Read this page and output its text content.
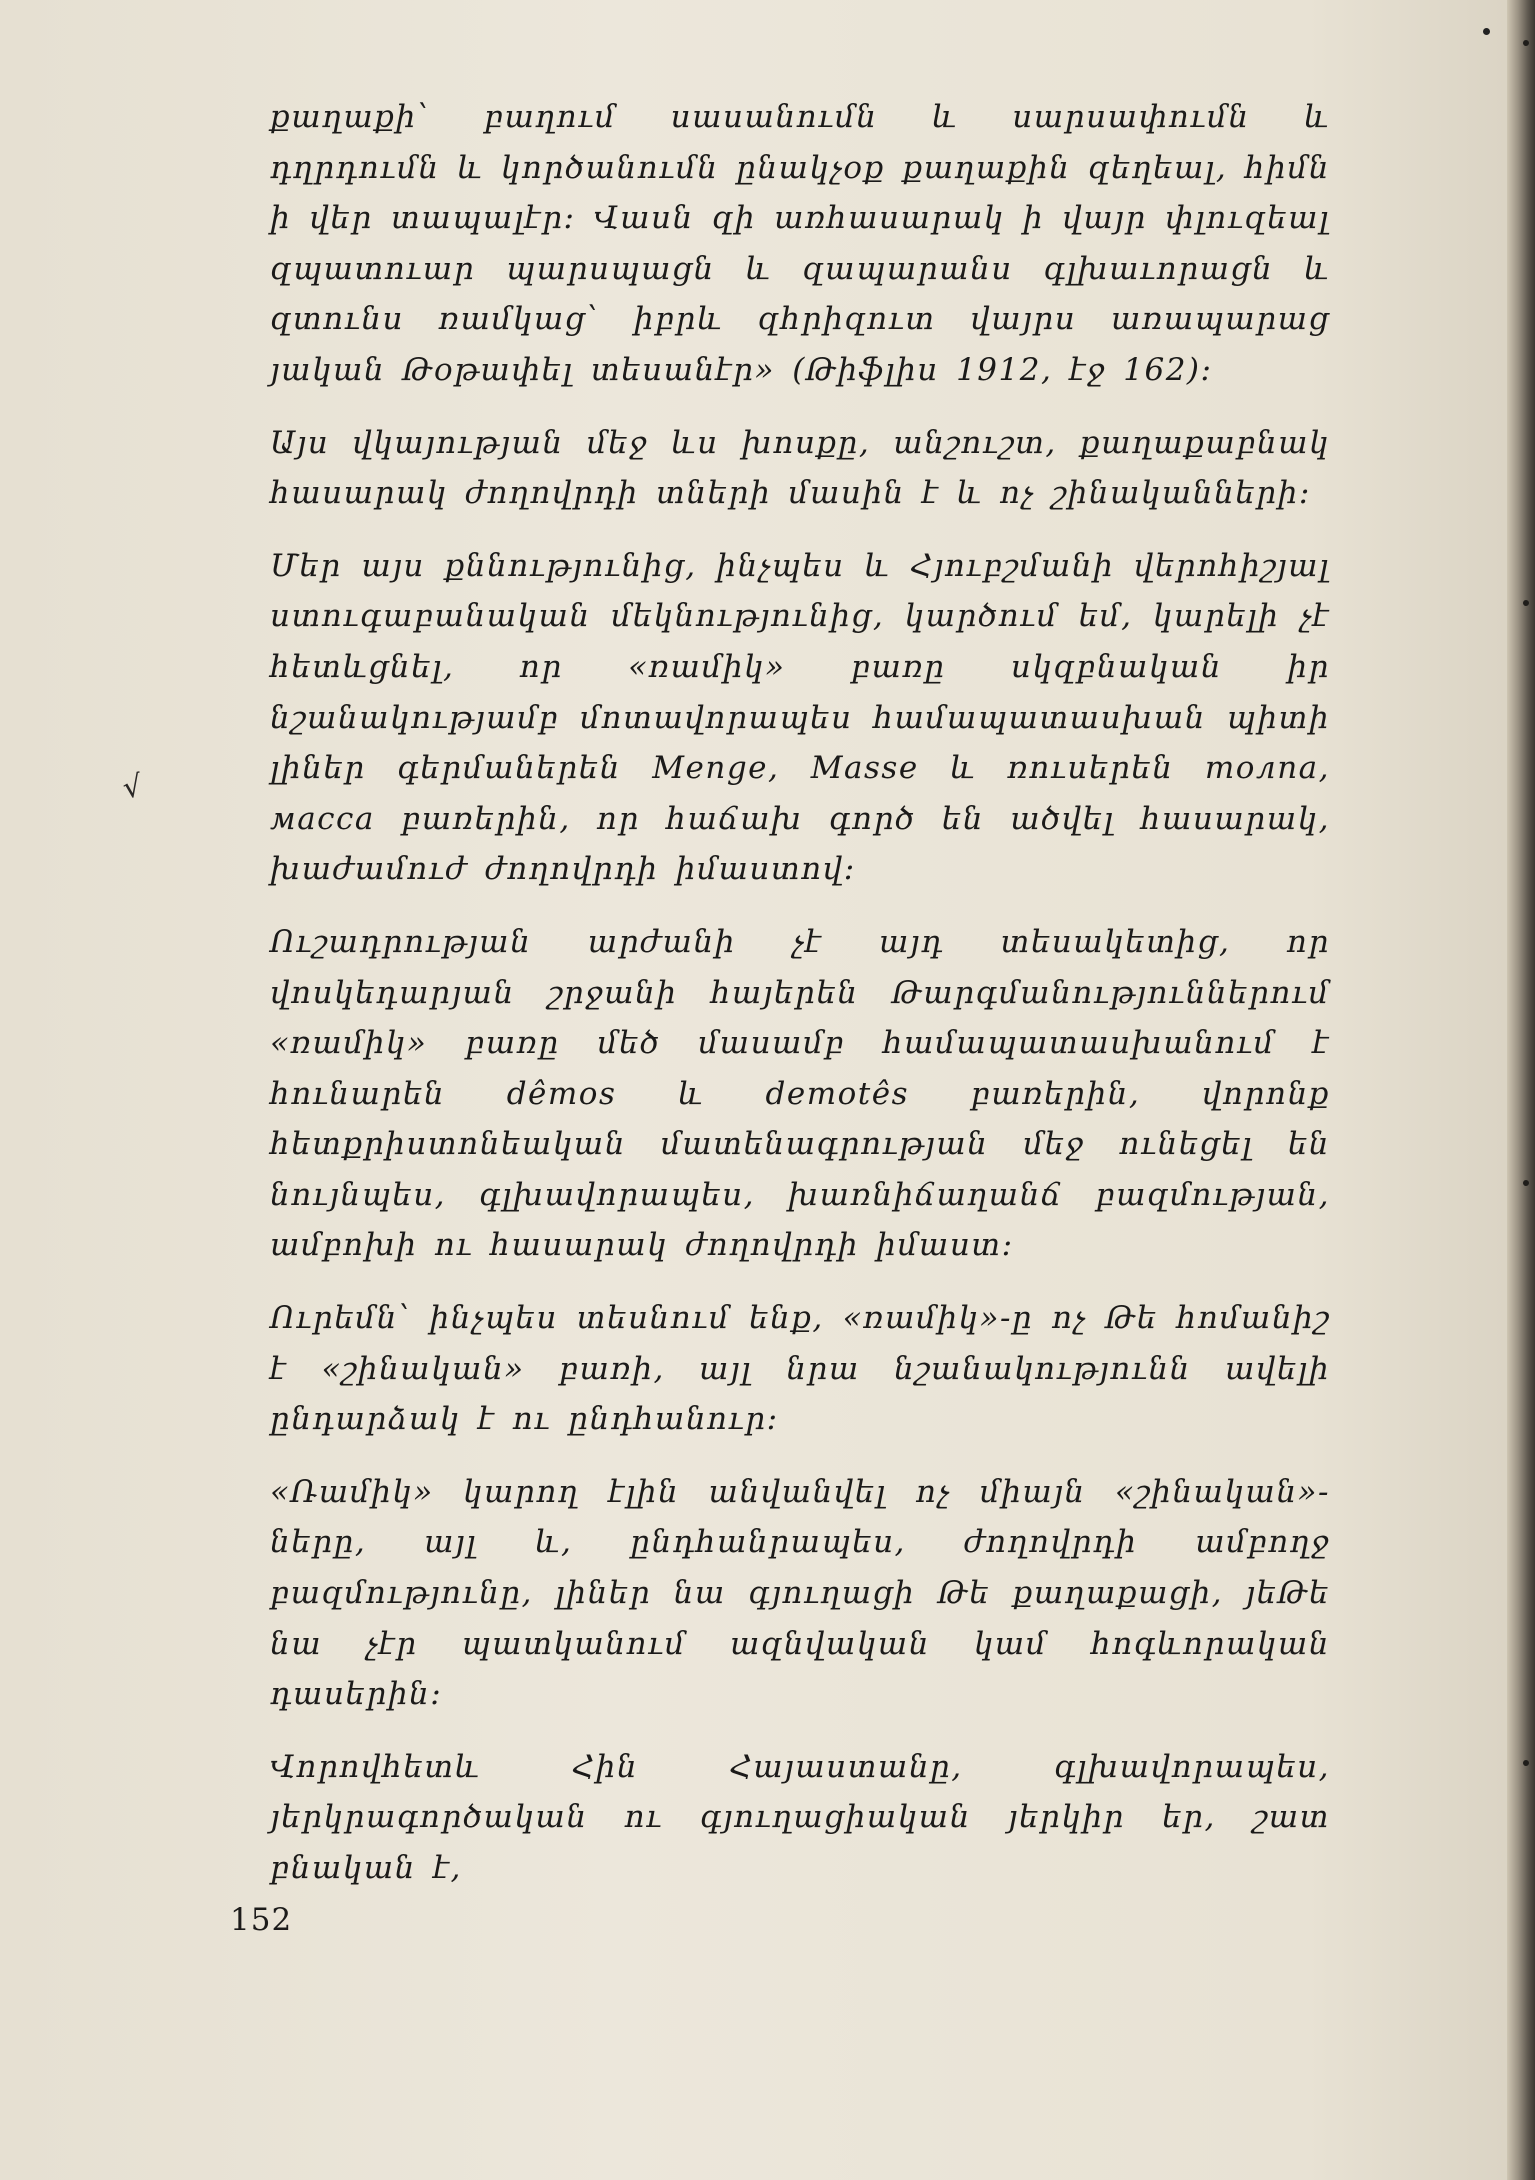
√

քաղաքի՝ բաղում սասանումն և սարսափումն և դղրդումն և կործանումն ընակչօք քաղաքին զեղեալ, հիմն ի վեր տապալէր։ Վասն զի առհասարակ ի վայր փլուզեալ զպատուար պարսպացն և զապարանս գլխաւորացն և զտունս ռամկաց՝ իբրև զհրիզուտ վայրս առապարաց յական Թօթափել տեսանէր» (Թիֆլիս 1912, էջ 162)։

Այս վկայության մեջ ևս խոսքը, անշուշտ, քաղաքաբնակ հասարակ ժողովրդի տների մասին է և ոչ շինականների։

Մեր այս քննությունից, ինչպես և Հյուբշմանի վերոհիշյալ ստուգաբանական մեկնությունից, կարծում եմ, կարելի չէ հետևցնել, որ «ռամիկ» բառը սկզբնական իր նշանակությամբ մոտավորապես համապատասխան պիտի լիներ գերմաներեն Menge, Masse և ռուսերեն толпа, масса բառերին, որ հաճախ գործ են ածվել հասարակ, խաժամուժ ժողովրդի իմաստով։

Ուշադրության արժանի չէ այդ տեսակետից, որ վոսկեդարյան շրջանի հայերեն Թարգմանություններում «ռամիկ» բառը մեծ մասամբ համապատասխանում է հունարեն dêmos և demotês բառերին, վորոնք հետքրիստոնեական մատենագրության մեջ ունեցել են նույնպես, գլխավորապես, խառնիճաղանճ բազմության, ամբոխի ու հասարակ ժողովրդի իմաստ։

Ուրեմն՝ ինչպես տեսնում ենք, «ռամիկ»-ը ոչ Թե հոմանիշ է «շինական» բառի, այլ նրա նշանակությունն ավելի ընդարձակ է ու ընդհանուր։

«Ռամիկ» կարող էլին անվանվել ոչ միայն «շինական»-ները, այլ և, ընդհանրապես, ժողովրդի ամբողջ բազմությունը, լիներ նա գյուղացի Թե քաղաքացի, յեԹե նա չէր պատկանում ազնվական կամ հոգևորական դասերին։

Վորովհետև Հին Հայաստանը, գլխավորապես, յերկրագործական ու գյուղացիական յերկիր եր, շատ բնական է,

152
